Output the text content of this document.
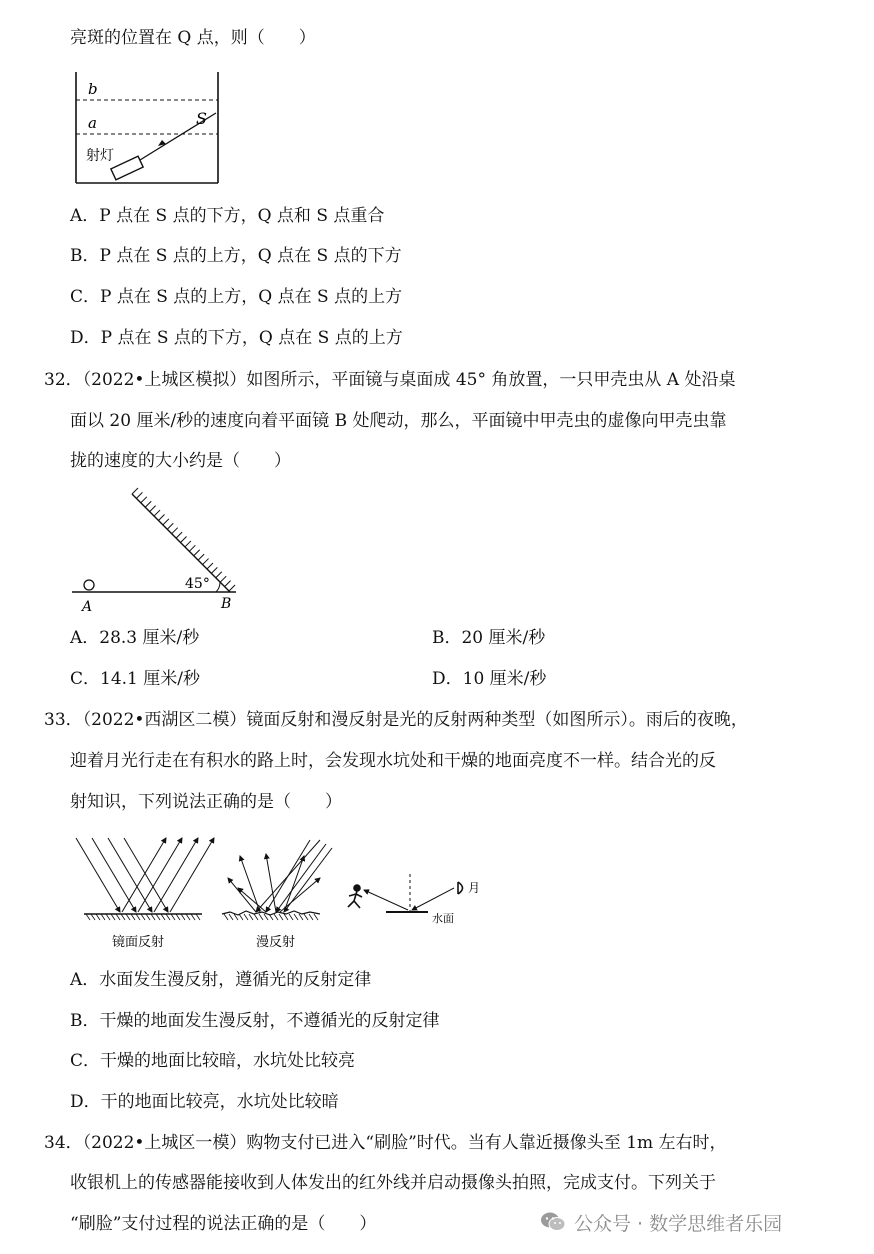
亮斑的位置在 Q 点，则（　　）
b
a	S
射灯
A．P 点在 S 点的下方，Q 点和 S 点重合
B．P 点在 S 点的上方，Q 点在 S 点的下方
C．P 点在 S 点的上方，Q 点在 S 点的上方
D．P 点在 S 点的下方，Q 点在 S 点的上方
32．（2022•上城区模拟）如图所示，平面镜与桌面成 45° 角放置，一只甲壳虫从 A 处沿桌
面以 20 厘米/秒的速度向着平面镜 B 处爬动，那么，平面镜中甲壳虫的虚像向甲壳虫靠
拢的速度的大小约是（　　）
45°
A	B
A．28.3 厘米/秒	B．20 厘米/秒
C．14.1 厘米/秒	D．10 厘米/秒
33．（2022•西湖区二模）镜面反射和漫反射是光的反射两种类型（如图所示）。雨后的夜晚，
迎着月光行走在有积水的路上时，会发现水坑处和干燥的地面亮度不一样。结合光的反
射知识，下列说法正确的是（　　）
月
水面
镜面反射	漫反射
A．水面发生漫反射，遵循光的反射定律
B．干燥的地面发生漫反射，不遵循光的反射定律
C．干燥的地面比较暗，水坑处比较亮
D．干的地面比较亮，水坑处比较暗
34．（2022•上城区一模）购物支付已进入“刷脸”时代。当有人靠近摄像头至 1m 左右时，
收银机上的传感器能接收到人体发出的红外线并启动摄像头拍照，完成支付。下列关于
“刷脸”支付过程的说法正确的是（　　）	公众号 · 数学思维者乐园
